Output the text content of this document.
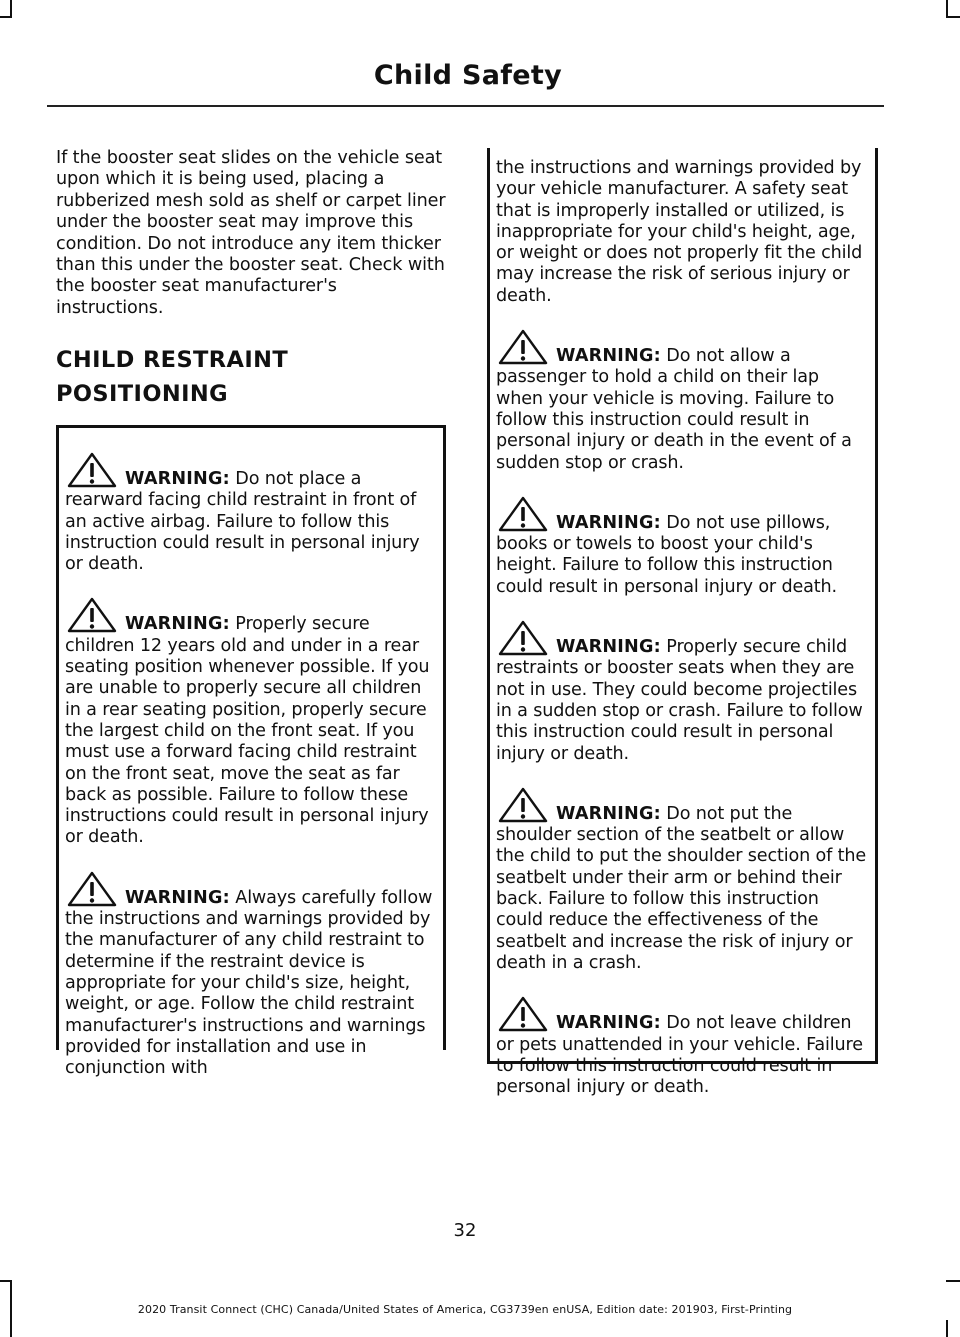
Child Safety

If the booster seat slides on the vehicle seat upon which it is being used, placing a rubberized mesh sold as shelf or carpet liner under the booster seat may improve this condition. Do not introduce any item thicker than this under the booster seat. Check with the booster seat manufacturer's instructions.

CHILD RESTRAINT
POSITIONING

WARNING: Do not place a rearward facing child restraint in front of an active airbag. Failure to follow this instruction could result in personal injury or death.

WARNING: Properly secure children 12 years old and under in a rear seating position whenever possible. If you are unable to properly secure all children in a rear seating position, properly secure the largest child on the front seat. If you must use a forward facing child restraint on the front seat, move the seat as far back as possible. Failure to follow these instructions could result in personal injury or death.

WARNING: Always carefully follow the instructions and warnings provided by the manufacturer of any child restraint to determine if the restraint device is appropriate for your child's size, height, weight, or age. Follow the child restraint manufacturer's instructions and warnings provided for installation and use in conjunction with

the instructions and warnings provided by your vehicle manufacturer. A safety seat that is improperly installed or utilized, is inappropriate for your child's height, age, or weight or does not properly fit the child may increase the risk of serious injury or death.

WARNING: Do not allow a passenger to hold a child on their lap when your vehicle is moving. Failure to follow this instruction could result in personal injury or death in the event of a sudden stop or crash.

WARNING: Do not use pillows, books or towels to boost your child's height. Failure to follow this instruction could result in personal injury or death.

WARNING: Properly secure child restraints or booster seats when they are not in use. They could become projectiles in a sudden stop or crash. Failure to follow this instruction could result in personal injury or death.

WARNING: Do not put the shoulder section of the seatbelt or allow the child to put the shoulder section of the seatbelt under their arm or behind their back. Failure to follow this instruction could reduce the effectiveness of the seatbelt and increase the risk of injury or death in a crash.

WARNING: Do not leave children or pets unattended in your vehicle. Failure to follow this instruction could result in personal injury or death.

32
2020 Transit Connect (CHC) Canada/United States of America, CG3739en enUSA, Edition date: 201903, First-Printing
